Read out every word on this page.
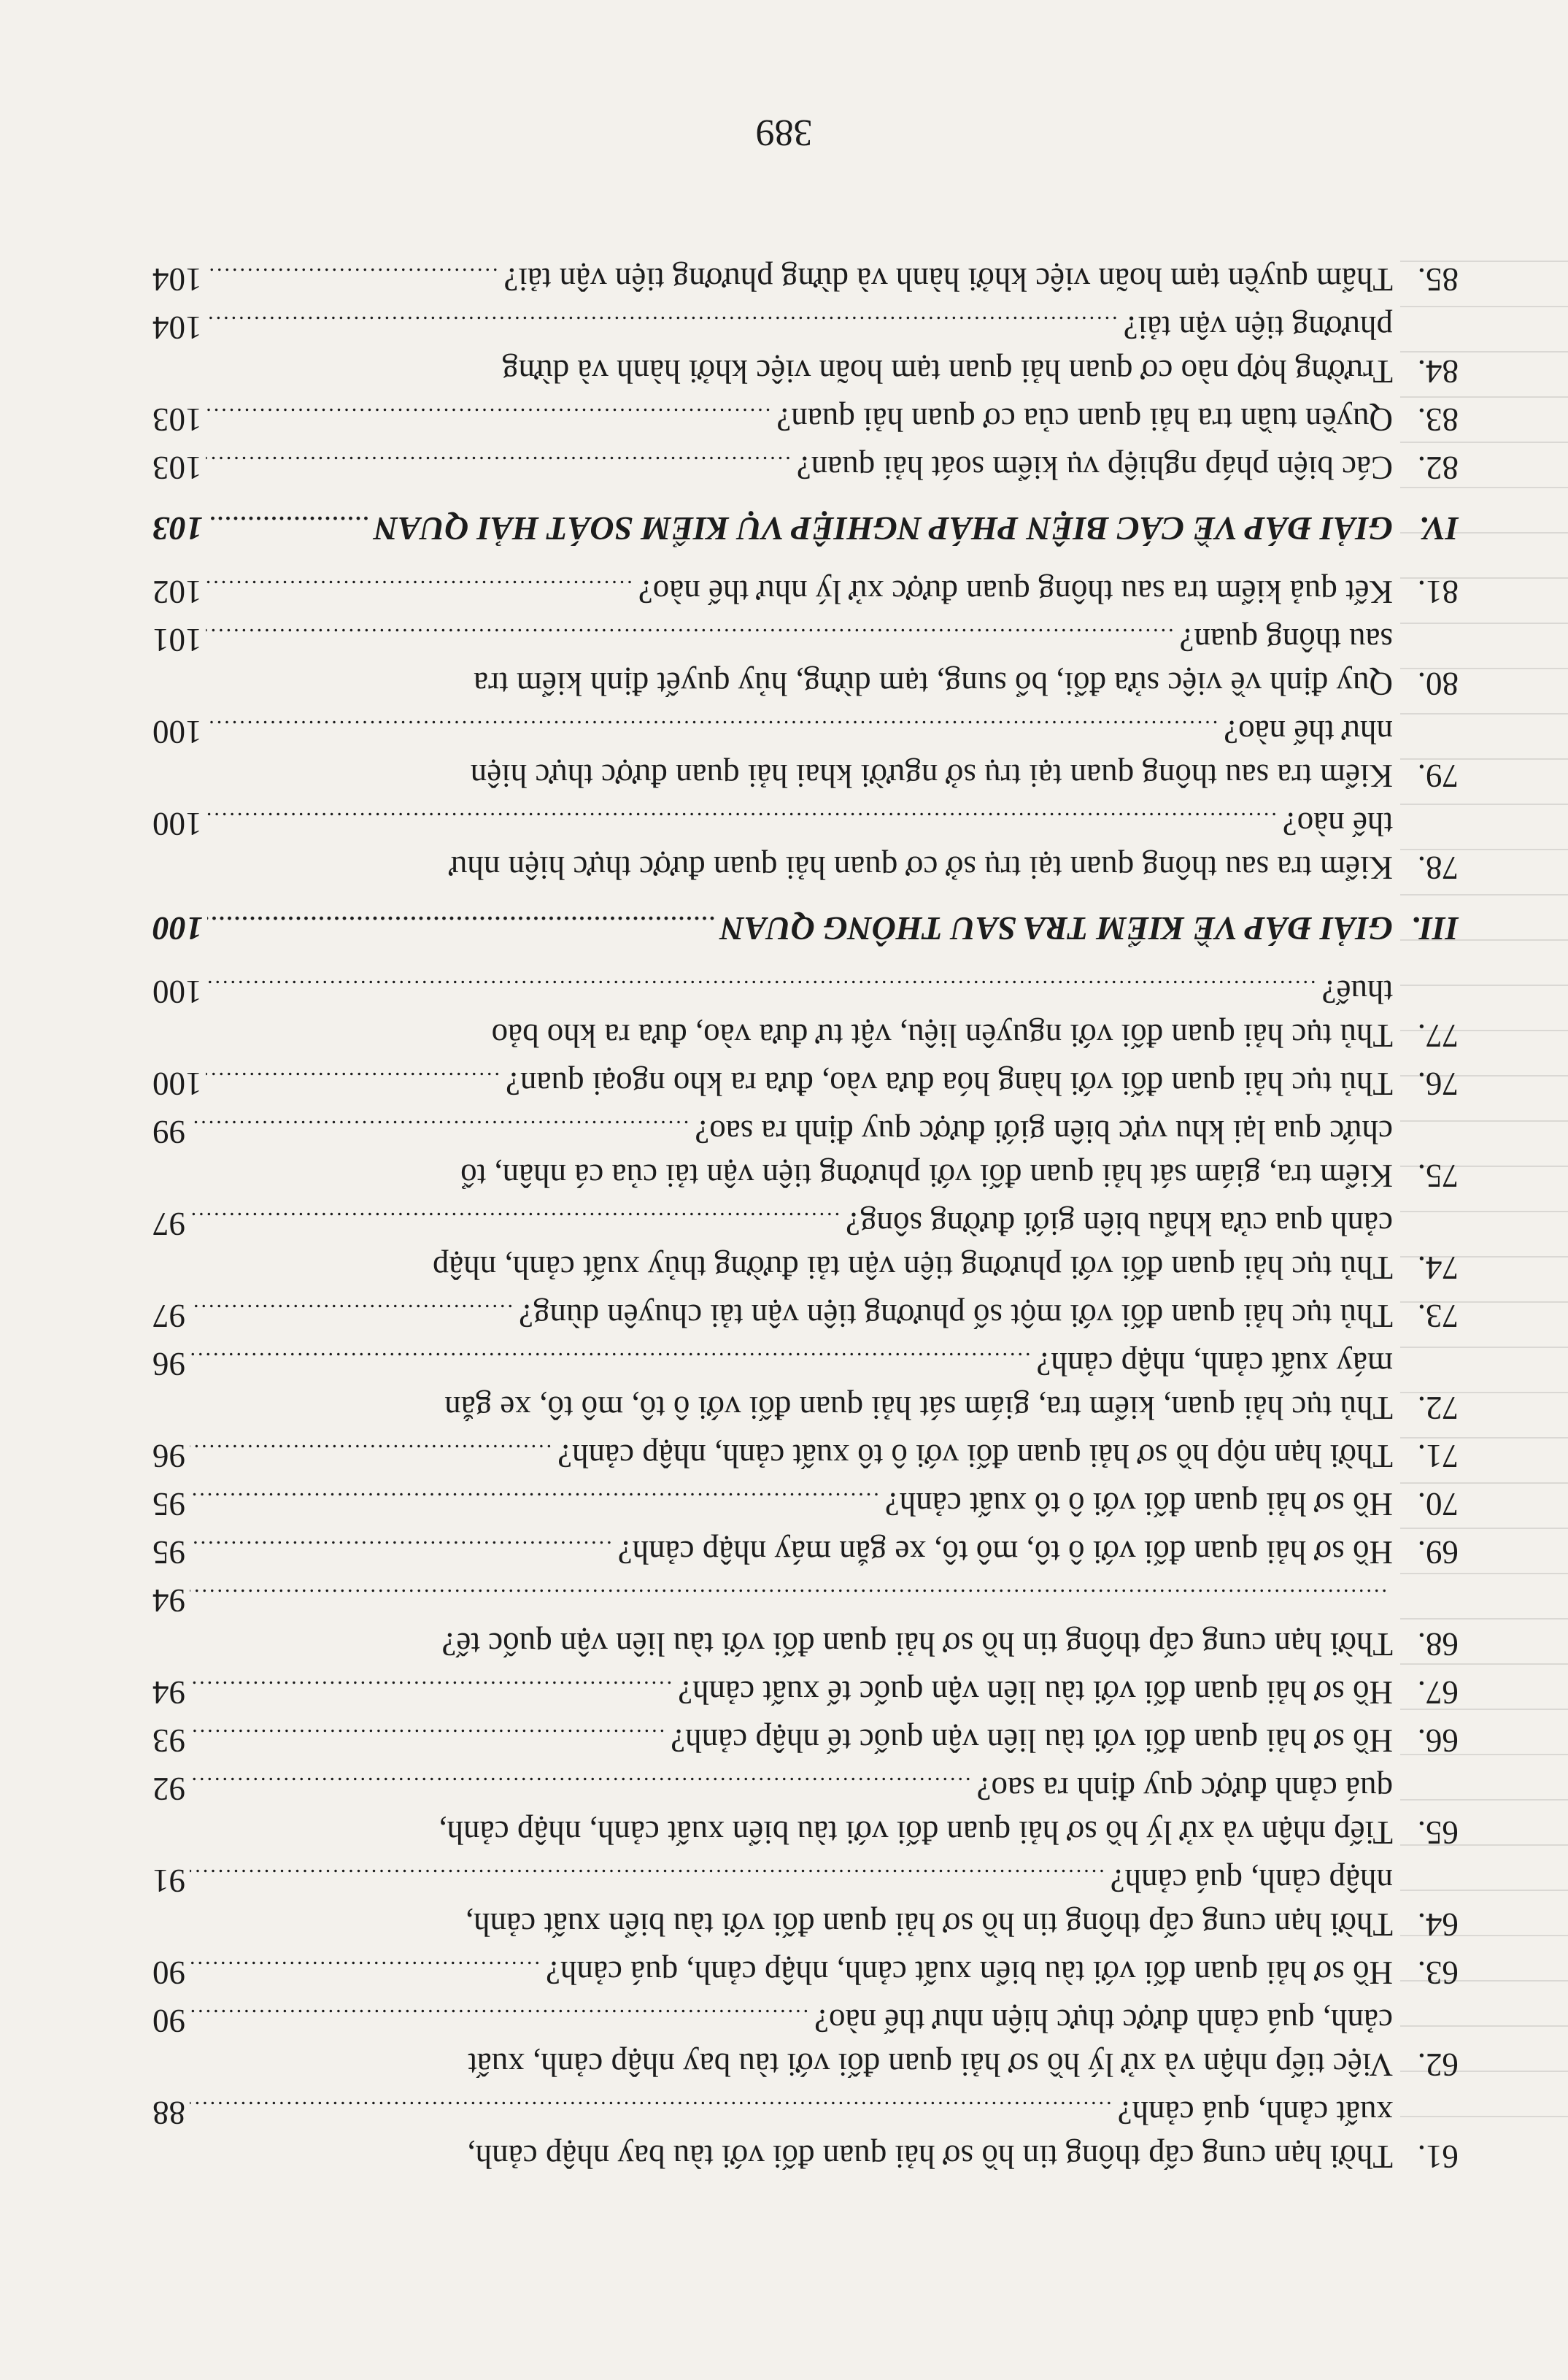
61.
Thời hạn cung cấp thông tin hồ sơ hải quan đối với tàu bay nhập cảnh,
xuất cảnh, quá cảnh?
.....
88
62.
Việc tiếp nhận và xử lý hồ sơ hải quan đối với tàu bay nhập cảnh, xuất
cảnh, quá cảnh được thực hiện như thế nào?
.....
90
63.
Hồ sơ hải quan đối với tàu biển xuất cảnh, nhập cảnh, quá cảnh?
.....
90
64.
Thời hạn cung cấp thông tin hồ sơ hải quan đối với tàu biển xuất cảnh,
nhập cảnh, quá cảnh?
.....
91
65.
Tiếp nhận và xử lý hồ sơ hải quan đối với tàu biển xuất cảnh, nhập cảnh,
quá cảnh được quy định ra sao?
.....
92
66.
Hồ sơ hải quan đối với tàu liên vận quốc tế nhập cảnh?
.....
93
67.
Hồ sơ hải quan đối với tàu liên vận quốc tế xuất cảnh?
.....
94
68.
Thời hạn cung cấp thông tin hồ sơ hải quan đối với tàu liên vận quốc tế?
.....
94
69.
Hồ sơ hải quan đối với ô tô, mô tô, xe gắn máy nhập cảnh?
.....
95
70.
Hồ sơ hải quan đối với ô tô xuất cảnh?
.....
95
71.
Thời hạn nộp hồ sơ hải quan đối với ô tô xuất cảnh, nhập cảnh?
.....
96
72.
Thủ tục hải quan, kiểm tra, giám sát hải quan đối với ô tô, mô tô, xe gắn
máy xuất cảnh, nhập cảnh?
.....
96
73.
Thủ tục hải quan đối với một số phương tiện vận tải chuyên dùng?
.....
97
74.
Thủ tục hải quan đối với phương tiện vận tải đường thủy xuất cảnh, nhập
cảnh qua cửa khẩu biên giới đường sông?
.....
97
75.
Kiểm tra, giám sát hải quan đối với phương tiện vận tải của cá nhân, tổ
chức qua lại khu vực biên giới được quy định ra sao?
.....
99
76.
Thủ tục hải quan đối với hàng hóa đưa vào, đưa ra kho ngoại quan?
.....
100
77.
Thủ tục hải quan đối với nguyên liệu, vật tư đưa vào, đưa ra kho bảo
thuế?
.....
100
III.
GIẢI ĐÁP VỀ KIỂM TRA SAU THÔNG QUAN
.....
100
78.
Kiểm tra sau thông quan tại trụ sở cơ quan hải quan được thực hiện như
thế nào?
.....
100
79.
Kiểm tra sau thông quan tại trụ sở người khai hải quan được thực hiện
như thế nào?
.....
100
80.
Quy định về việc sửa đổi, bổ sung, tạm dừng, hủy quyết định kiểm tra
sau thông quan?
.....
101
81.
Kết quả kiểm tra sau thông quan được xử lý như thế nào?
.....
102
IV.
GIẢI ĐÁP VỀ CÁC BIỆN PHÁP NGHIỆP VỤ KIỂM SOÁT HẢI QUAN
.....
103
82.
Các biện pháp nghiệp vụ kiểm soát hải quan?
.....
103
83.
Quyền tuần tra hải quan của cơ quan hải quan?
.....
103
84.
Trường hợp nào cơ quan hải quan tạm hoãn việc khởi hành và dừng
phương tiện vận tải?
.....
104
85.
Thẩm quyền tạm hoãn việc khởi hành và dừng phương tiện vận tải?
.....
104
389
